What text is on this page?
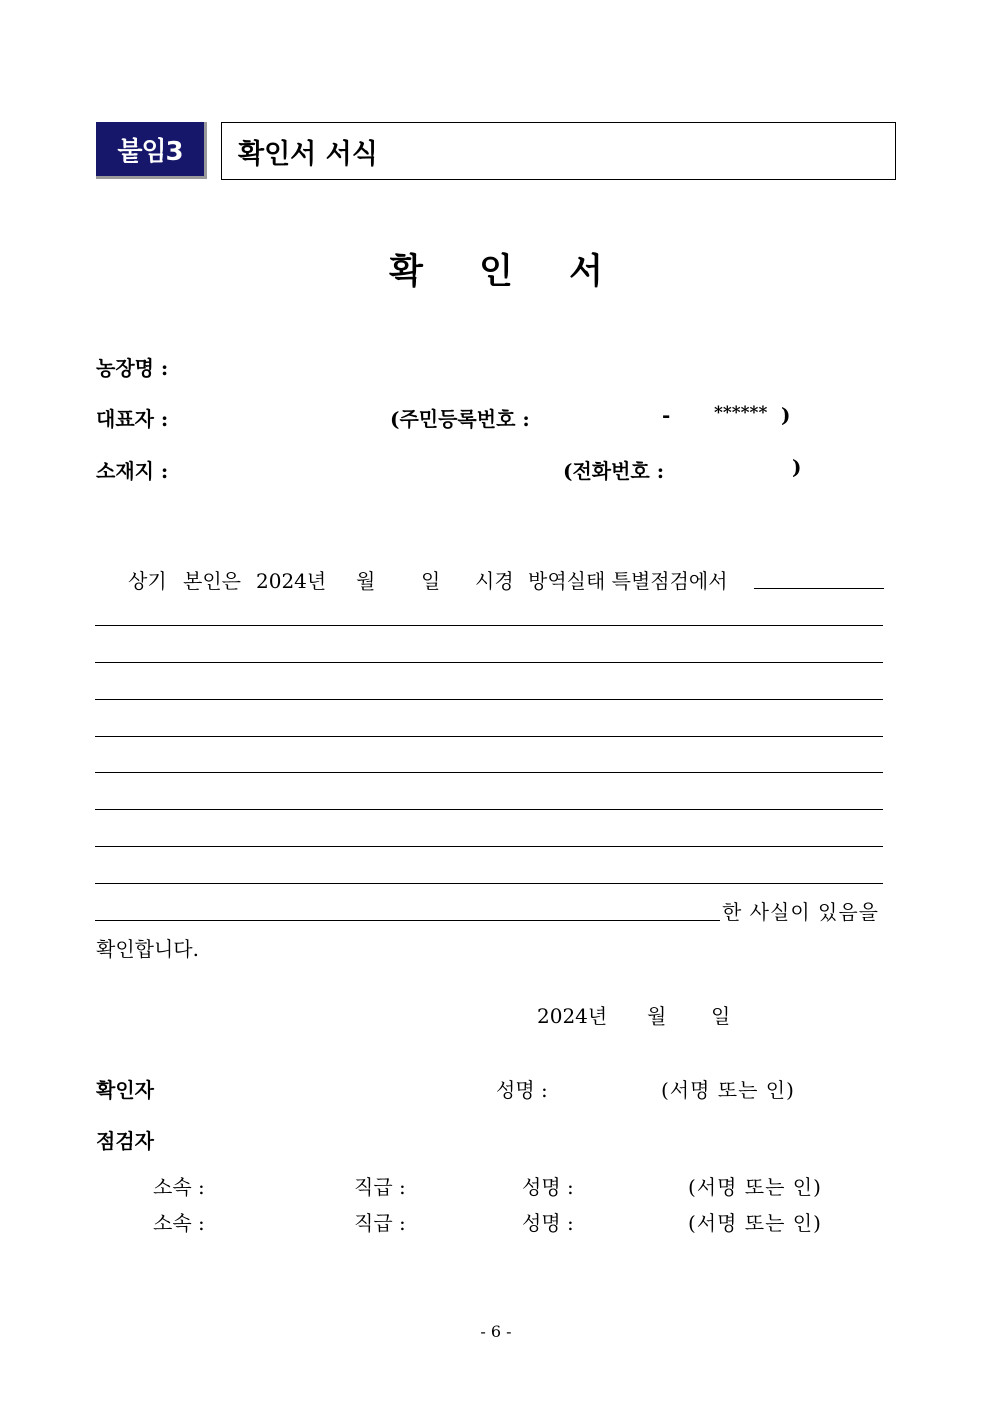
붙임3	확인서 서식
확 인 서
농장명 :
대표자 :	(주민등록번호 :	-	****** )
소재지 :	(전화번호 :	)
상기 본인은 2024년 월 일 시경 방역실태 특별점검에서
한 사실이 있음을
확인합니다.
2024년 월 일
확인자	성명 :	(서명 또는 인)
점검자
소속 :	직급 :	성명 :	(서명 또는 인)
소속 :	직급 :	성명 :	(서명 또는 인)
- 6 -
